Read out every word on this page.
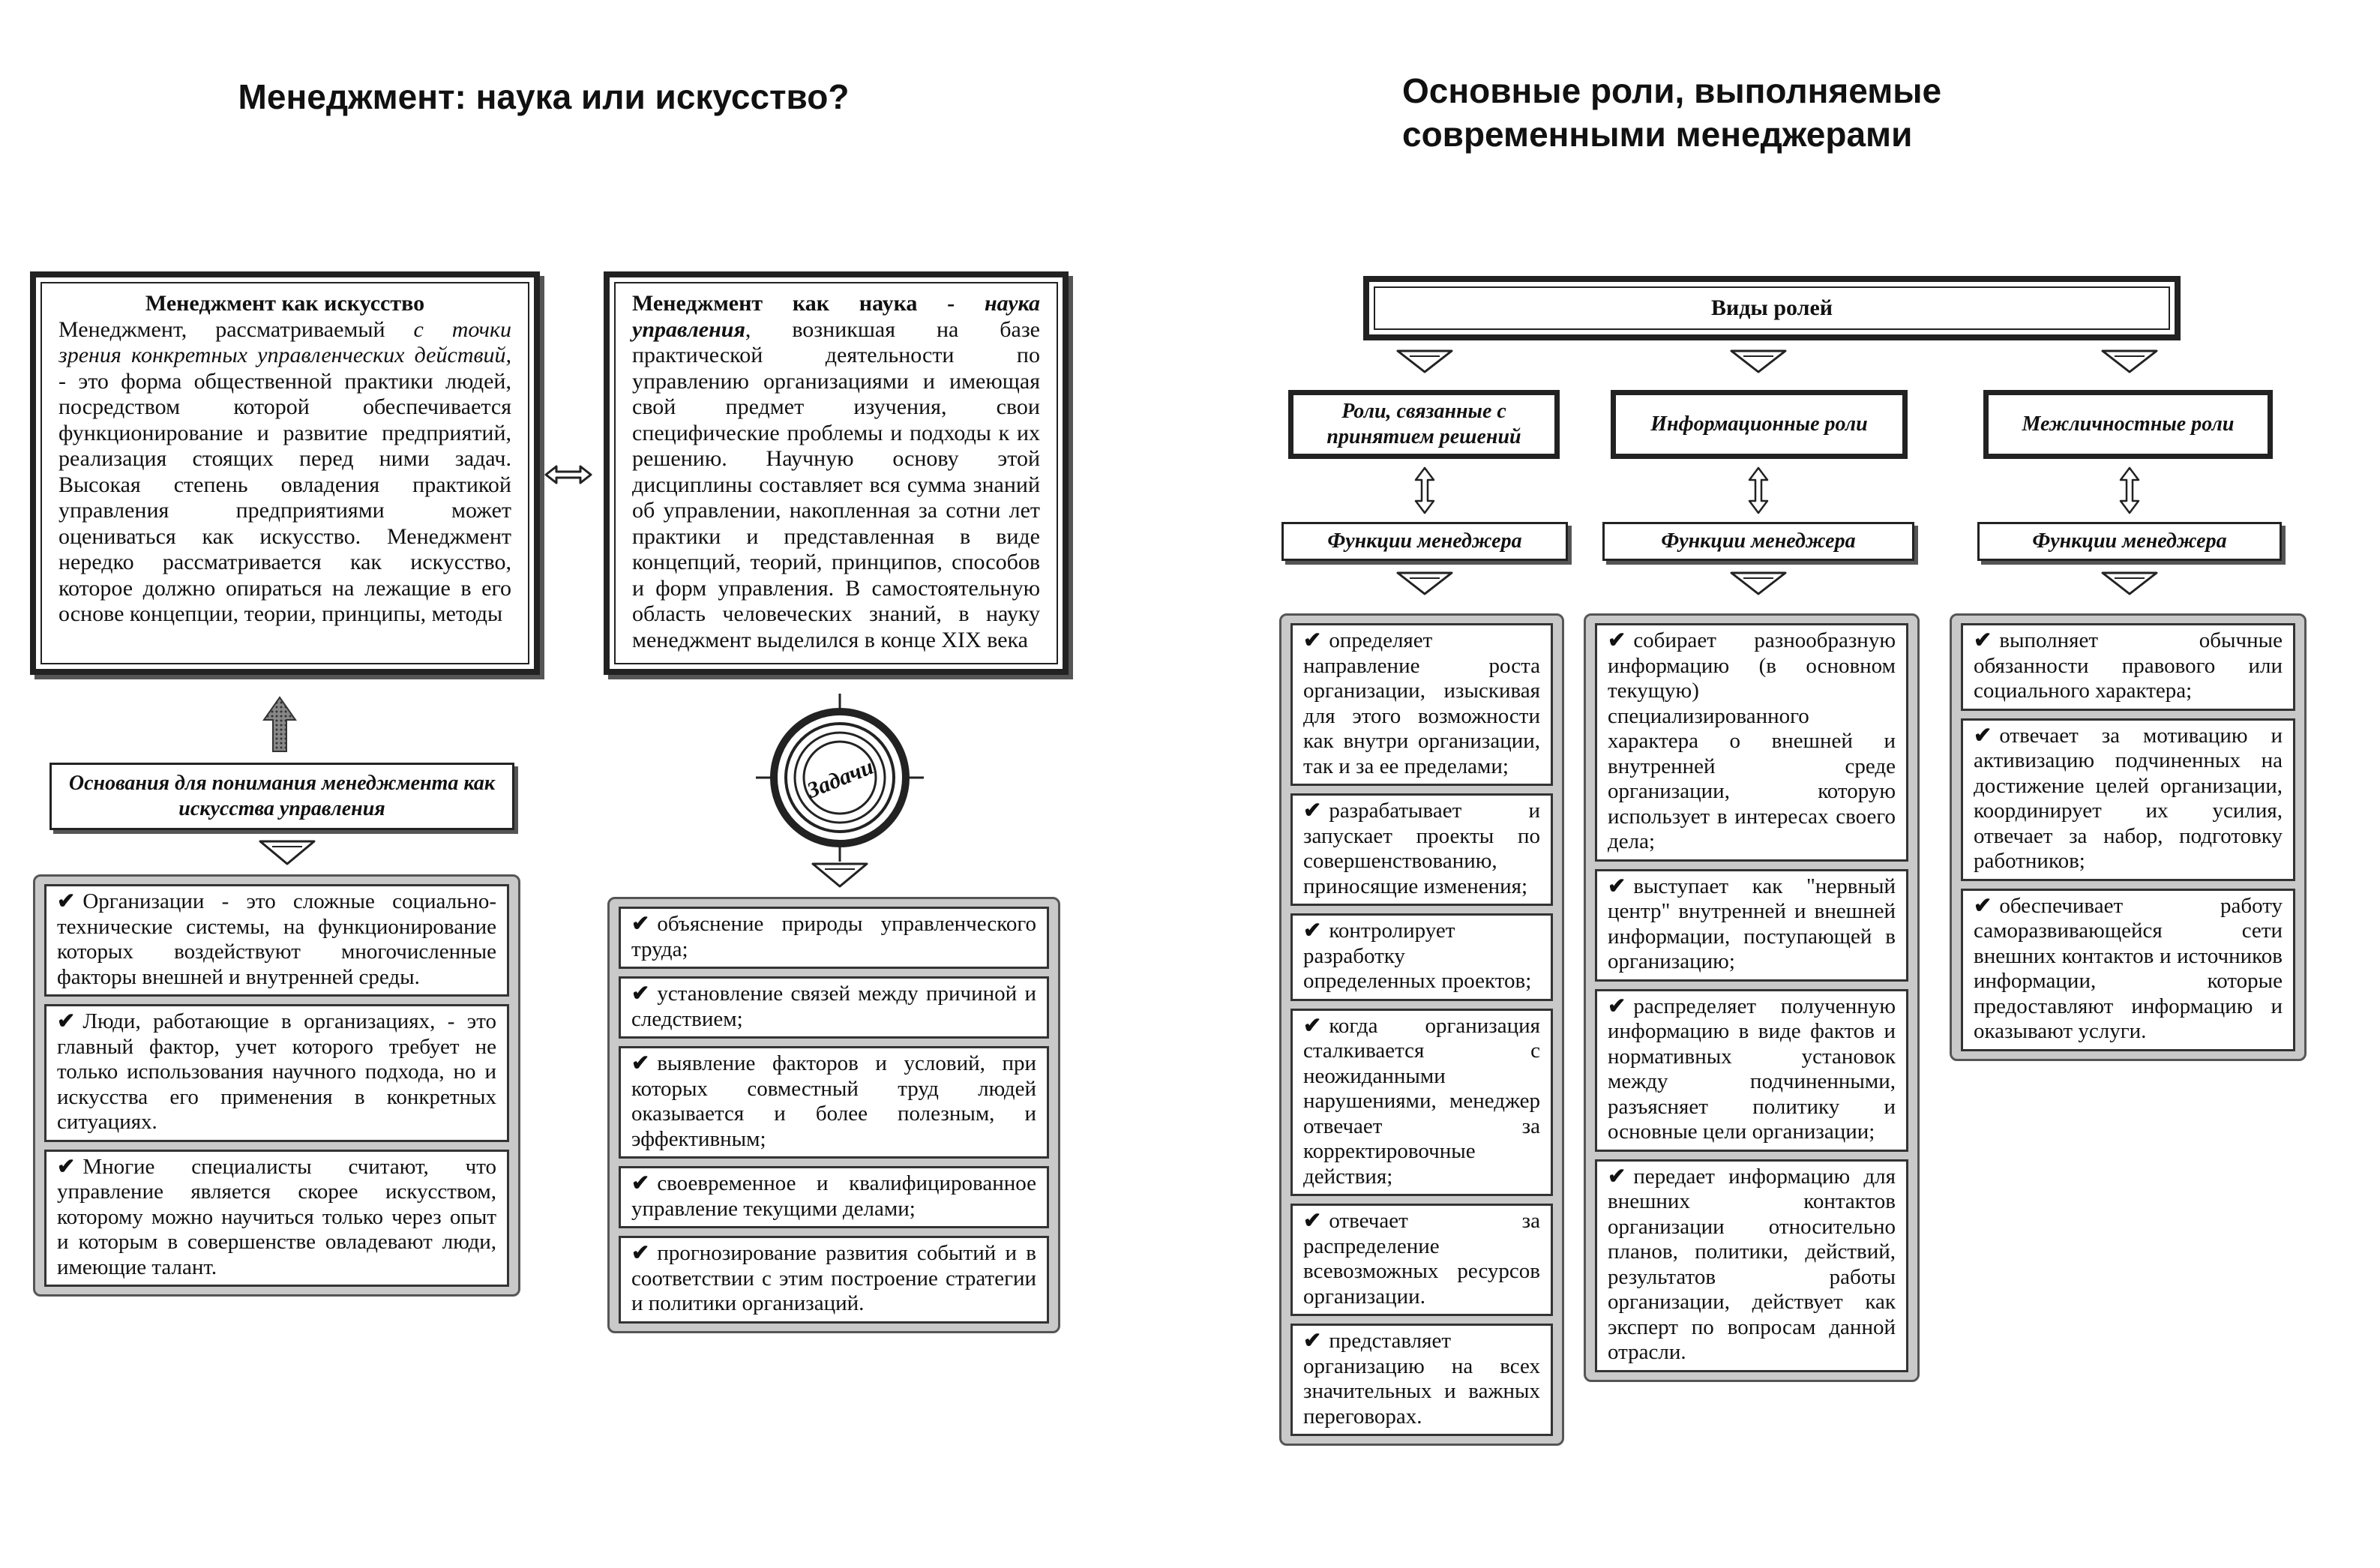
Менеджмент: наука или искусство?
Менеджмент как искусство
Менеджмент, рассматриваемый с точки зрения конкретных управленческих действий, - это форма общественной практики людей, посредством которой обеспечивается функционирование и развитие предприятий, реализация стоящих перед ними задач. Высокая степень овладения практикой управления предприятиями может оцениваться как искусство. Менеджмент нередко рассматривается как искусство, которое должно опираться на лежащие в его основе концепции, теории, принципы, методы
Менеджмент как наука - наука управления, возникшая на базе практической деятельности по управлению организациями и имеющая свой предмет изучения, свои специфические проблемы и подходы к их решению. Научную основу этой дисциплины составляет вся сумма знаний об управлении, накопленная за сотни лет практики и представленная в виде концепций, теорий, принципов, способов и форм управления. В самостоятельную область человеческих знаний, в науку менеджмент выделился в конце XIX века
Основания для понимания менеджмента как искусства управления
Задачи
✔ Организации - это сложные социально-технические системы, на функционирование которых воздействуют многочисленные факторы внешней и внутренней среды.
✔ Люди, работающие в организациях, - это главный фактор, учет которого требует не только использования научного подхода, но и искусства его применения в конкретных ситуациях.
✔ Многие специалисты считают, что управление является скорее искусством, которому можно научиться только через опыт и которым в совершенстве овладевают люди, имеющие талант.
✔ объяснение природы управленческого труда;
✔ установление связей между причиной и следствием;
✔ выявление факторов и условий, при которых совместный труд людей оказывается и более полезным, и эффективным;
✔ своевременное и квалифицированное управление текущими делами;
✔ прогнозирование развития событий и в соответствии с этим построение стратегии и политики организаций.
Основные роли, выполняемые
современными менеджерами
Виды ролей
Роли, связанные с принятием решений
Функции менеджера
✔ определяет направление роста организации, изыскивая для этого возможности как внутри организации, так и за ее пределами;
✔ разрабатывает и запускает проекты по совершенствованию, приносящие изменения;
✔ контролирует разработку определенных проектов;
✔ когда организация сталкивается с неожиданными нарушениями, менеджер отвечает за корректировочные действия;
✔ отвечает за распределение всевозможных ресурсов организации.
✔ представляет организацию на всех значительных и важных переговорах.
Информационные роли
Функции менеджера
✔ собирает разнообразную информацию (в основном текущую) специализированного характера о внешней и внутренней среде организации, которую использует в интересах своего дела;
✔ выступает как "нервный центр" внутренней и внешней информации, поступающей в организацию;
✔ распределяет полученную информацию в виде фактов и нормативных установок между подчиненными, разъясняет политику и основные цели организации;
✔ передает информацию для внешних контактов организации относительно планов, политики, действий, результатов работы организации, действует как эксперт по вопросам данной отрасли.
Межличностные роли
Функции менеджера
✔ выполняет обычные обязанности правового или социального характера;
✔ отвечает за мотивацию и активизацию подчиненных на достижение целей организации, координирует их усилия, отвечает за набор, подготовку работников;
✔ обеспечивает работу саморазвивающейся сети внешних контактов и источников информации, которые предоставляют информацию и оказывают услуги.
